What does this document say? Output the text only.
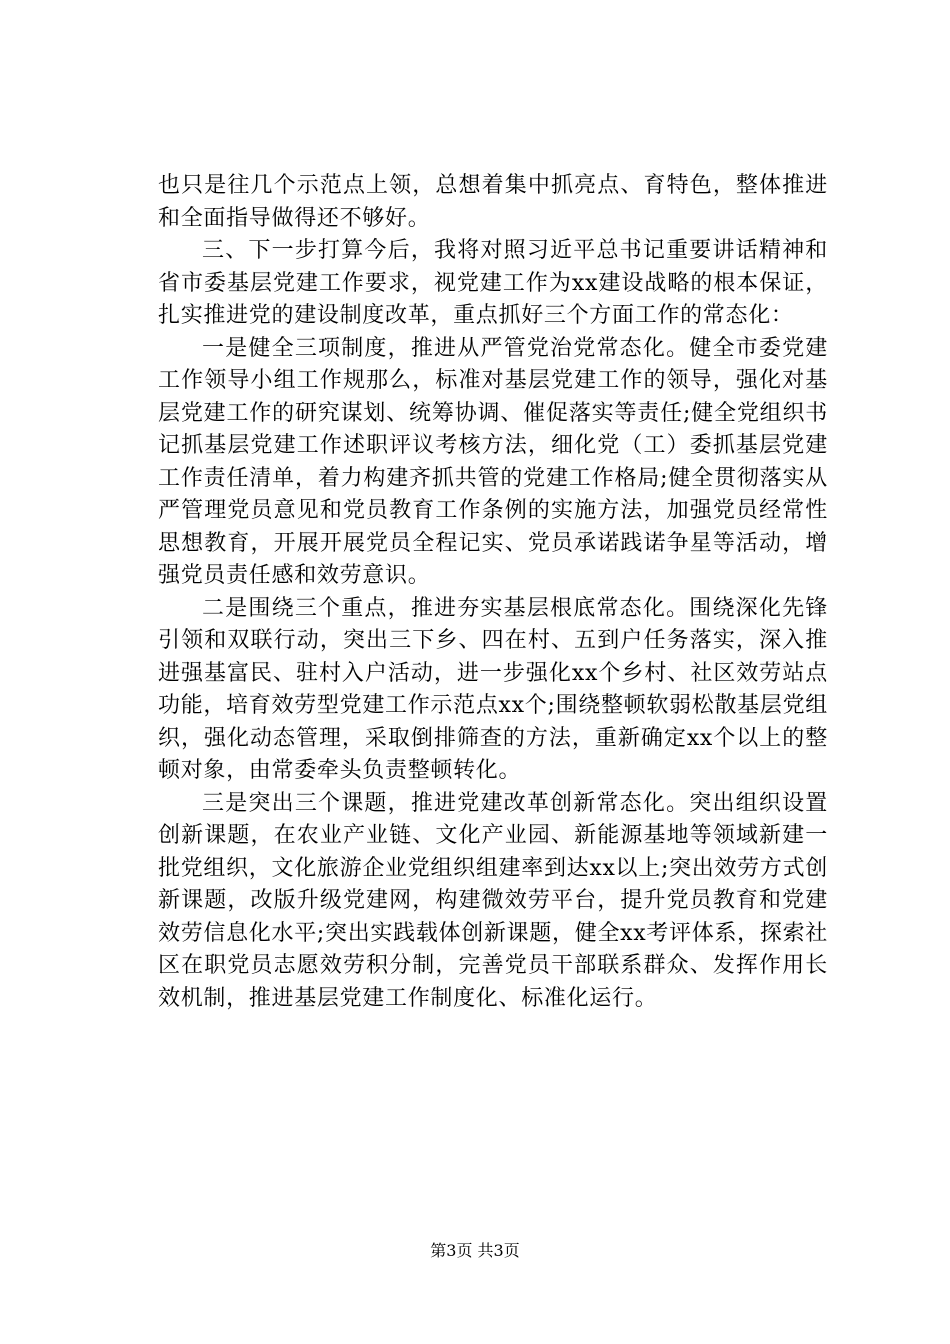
也只是往几个示范点上领，总想着集中抓亮点、育特色，整体推进和全面指导做得还不够好。

三、下一步打算今后，我将对照习近平总书记重要讲话精神和省市委基层党建工作要求，视党建工作为xx建设战略的根本保证，扎实推进党的建设制度改革，重点抓好三个方面工作的常态化：

一是健全三项制度，推进从严管党治党常态化。健全市委党建工作领导小组工作规那么，标准对基层党建工作的领导，强化对基层党建工作的研究谋划、统筹协调、催促落实等责任;健全党组织书记抓基层党建工作述职评议考核方法，细化党（工）委抓基层党建工作责任清单，着力构建齐抓共管的党建工作格局;健全贯彻落实从严管理党员意见和党员教育工作条例的实施方法，加强党员经常性思想教育，开展开展党员全程记实、党员承诺践诺争星等活动，增强党员责任感和效劳意识。

二是围绕三个重点，推进夯实基层根底常态化。围绕深化先锋引领和双联行动，突出三下乡、四在村、五到户任务落实，深入推进强基富民、驻村入户活动，进一步强化xx个乡村、社区效劳站点功能，培育效劳型党建工作示范点xx个;围绕整顿软弱松散基层党组织，强化动态管理，采取倒排筛查的方法，重新确定xx个以上的整顿对象，由常委牵头负责整顿转化。

三是突出三个课题，推进党建改革创新常态化。突出组织设置创新课题，在农业产业链、文化产业园、新能源基地等领域新建一批党组织，文化旅游企业党组织组建率到达xx以上;突出效劳方式创新课题，改版升级党建网，构建微效劳平台，提升党员教育和党建效劳信息化水平;突出实践载体创新课题，健全xx考评体系，探索社区在职党员志愿效劳积分制，完善党员干部联系群众、发挥作用长效机制，推进基层党建工作制度化、标准化运行。

第3页 共3页
